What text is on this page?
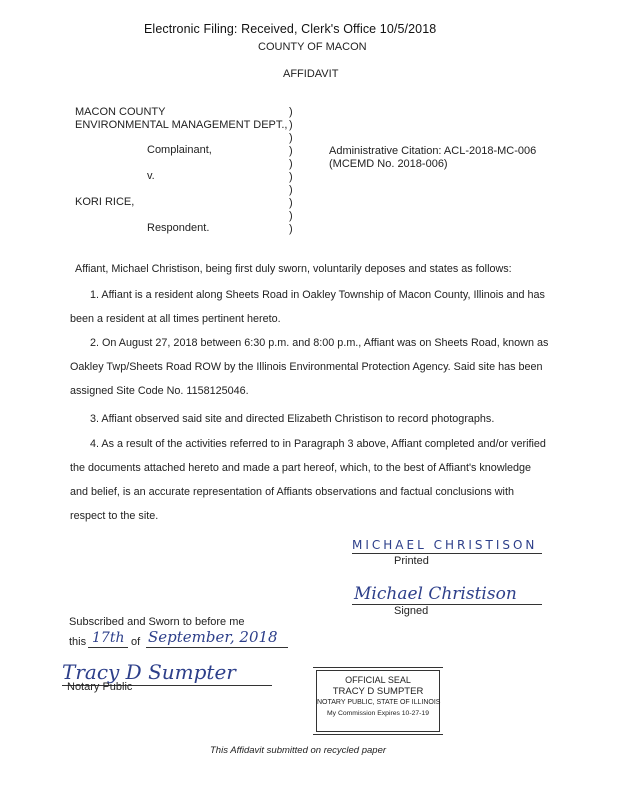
Electronic Filing: Received, Clerk's Office 10/5/2018
COUNTY OF MACON
AFFIDAVIT
MACON COUNTY
ENVIRONMENTAL MANAGEMENT DEPT.,
Complainant,
v.
KORI RICE,
Respondent.
)
)
)
)
)
)
)
)
)
)
Administrative Citation: ACL-2018-MC-006
(MCEMD No. 2018-006)
Affiant, Michael Christison, being first duly sworn, voluntarily deposes and states as follows:
1. Affiant is a resident along Sheets Road in Oakley Township of Macon County, Illinois and has been a resident at all times pertinent hereto.
2. On August 27, 2018 between 6:30 p.m. and 8:00 p.m., Affiant was on Sheets Road, known as Oakley Twp/Sheets Road ROW by the Illinois Environmental Protection Agency. Said site has been assigned Site Code No. 1158125046.
3. Affiant observed said site and directed Elizabeth Christison to record photographs.
4. As a result of the activities referred to in Paragraph 3 above, Affiant completed and/or verified the documents attached hereto and made a part hereof, which, to the best of Affiant's knowledge and belief, is an accurate representation of Affiants observations and factual conclusions with respect to the site.
MICHAEL CHRISTISON
Printed
Michael Christison
Signed
Subscribed and Sworn to before me
this 17th of September, 2018
Tracy D Sumpter
Notary Public
OFFICIAL SEAL
TRACY D SUMPTER
NOTARY PUBLIC, STATE OF ILLINOIS
My Commission Expires 10-27-19
This Affidavit submitted on recycled paper
